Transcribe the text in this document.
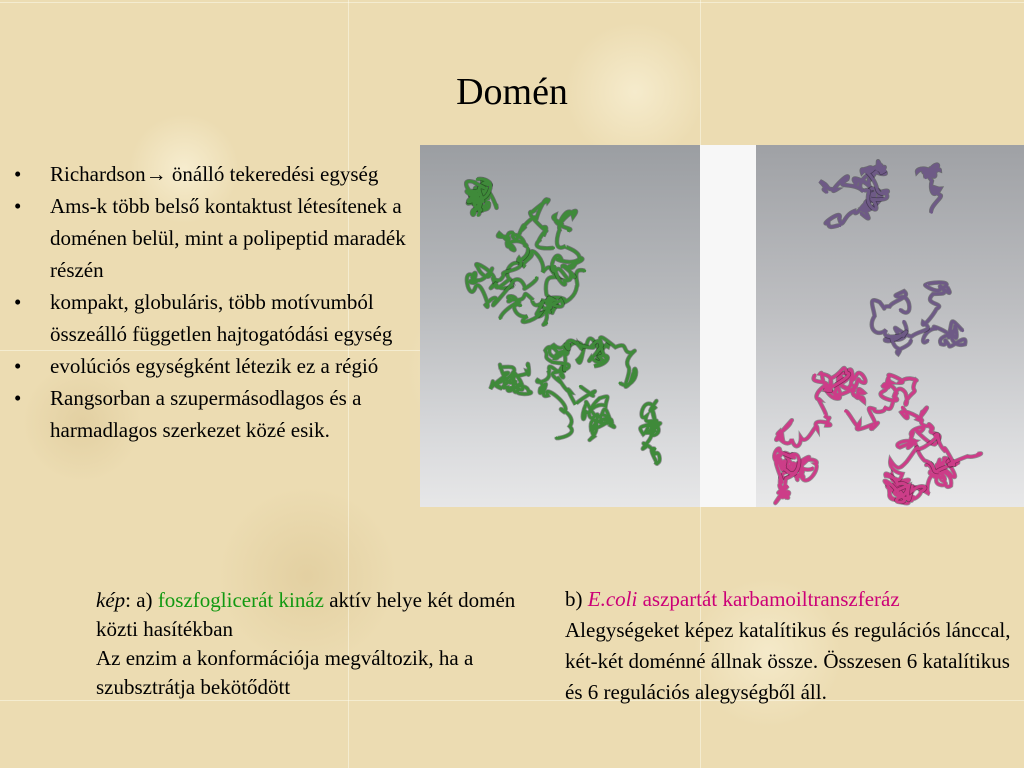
Domén
• Richardson→ önálló tekeredési egység
• Ams-k több belső kontaktust létesítenek a doménen belül, mint a polipeptid maradék részén
• kompakt, globuláris, több motívumból összeálló független hajtogatódási egység
• evolúciós egységként létezik ez a régió
• Rangsorban a szupermásodlagos és a harmadlagos szerkezet közé esik.
kép: a) foszfoglicerát kináz aktív helye két domén közti hasítékban
Az enzim a konformációja megváltozik, ha a szubsztrátja bekötődött
b) E.coli aszpartát karbamoiltranszferáz
Alegységeket képez katalítikus és regulációs lánccal, két-két doménné állnak össze. Összesen 6 katalítikus és 6 regulációs alegységből áll.
